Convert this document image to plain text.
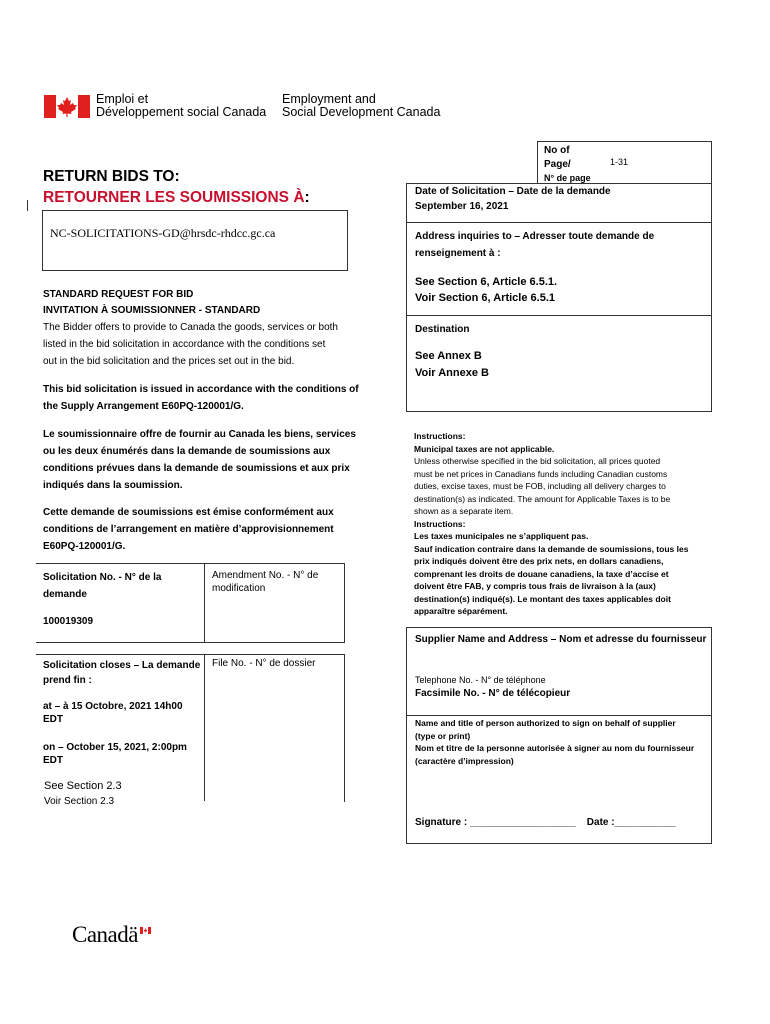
Emploi et
Développement social Canada
Employment and
Social Development Canada
No of
Page/	1-31
N° de page
RETURN BIDS TO:
RETOURNER LES SOUMISSIONS À:
NC-SOLICITATIONS-GD@hrsdc-rhdcc.gc.ca
Date of Solicitation – Date de la demande
September 16, 2021
Address inquiries to – Adresser toute demande de
renseignement à :
See Section 6, Article 6.5.1.
Voir Section 6, Article 6.5.1
Destination
See Annex B
Voir Annexe B
STANDARD REQUEST FOR BID
INVITATION À SOUMISSIONNER - STANDARD
The Bidder offers to provide to Canada the goods, services or both
listed in the bid solicitation in accordance with the conditions set
out in the bid solicitation and the prices set out in the bid.
This bid solicitation is issued in accordance with the conditions of
the Supply Arrangement E60PQ-120001/G.
Le soumissionnaire offre de fournir au Canada les biens, services
ou les deux énumérés dans la demande de soumissions aux
conditions prévues dans la demande de soumissions et aux prix
indiqués dans la soumission.
Cette demande de soumissions est émise conformément aux
conditions de l’arrangement en matière d’approvisionnement
E60PQ-120001/G.
Instructions:
Municipal taxes are not applicable.
Unless otherwise specified in the bid solicitation, all prices quoted
must be net prices in Canadians funds including Canadian customs
duties, excise taxes, must be FOB, including all delivery charges to
destination(s) as indicated. The amount for Applicable Taxes is to be
shown as a separate item.
Instructions:
Les taxes municipales ne s’appliquent pas.
Sauf indication contraire dans la demande de soumissions, tous les
prix indiqués doivent être des prix nets, en dollars canadiens,
comprenant les droits de douane canadiens, la taxe d’accise et
doivent être FAB, y compris tous frais de livraison à la (aux)
destination(s) indiqué(s). Le montant des taxes applicables doit
apparaître séparément.
Solicitation No. - N° de la
demande
100019309
Amendment No. - N° de
modification
Solicitation closes – La demande
prend fin :
at – à 15 Octobre, 2021 14h00
EDT
on – October 15, 2021, 2:00pm
EDT
File No. - N° de dossier
See Section 2.3
Voir Section 2.3
Supplier Name and Address – Nom et adresse du fournisseur
Telephone No. - N° de téléphone
Facsimile No. - N° de télécopieur
Name and title of person authorized to sign on behalf of supplier
(type or print)
Nom et titre de la personne autorisée à signer au nom du fournisseur
(caractère d’impression)
Signature : ___________________    Date :___________
Canadä
